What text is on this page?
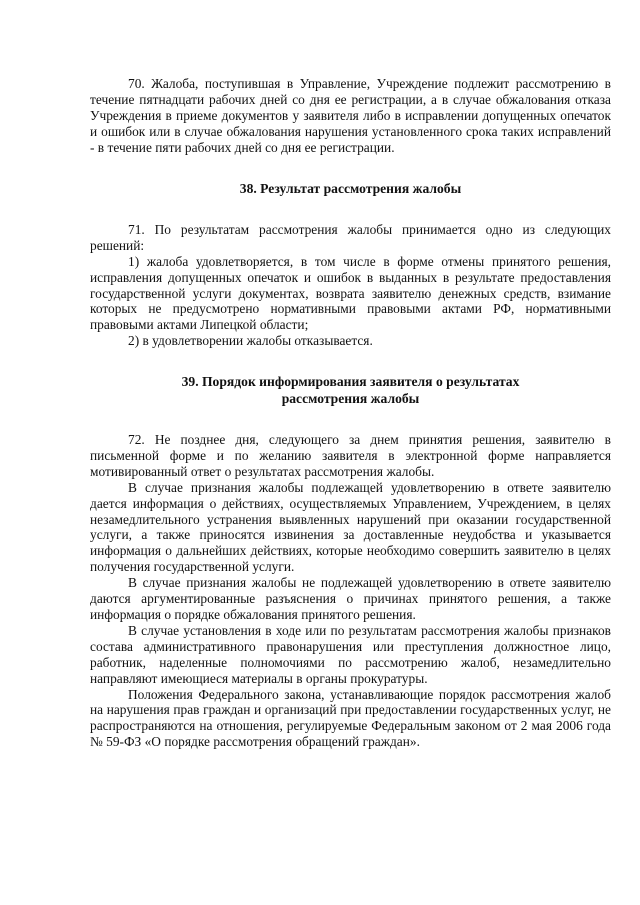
70. Жалоба, поступившая в Управление, Учреждение подлежит рассмотрению в течение пятнадцати рабочих дней со дня ее регистрации, а в случае обжалования отказа Учреждения в приеме документов у заявителя либо в исправлении допущенных опечаток и ошибок или в случае обжалования нарушения установленного срока таких исправлений - в течение пяти рабочих дней со дня ее регистрации.

38. Результат рассмотрения жалобы

71. По результатам рассмотрения жалобы принимается одно из следующих решений:

1) жалоба удовлетворяется, в том числе в форме отмены принятого решения, исправления допущенных опечаток и ошибок в выданных в результате предоставления государственной услуги документах, возврата заявителю денежных средств, взимание которых не предусмотрено нормативными правовыми актами РФ, нормативными правовыми актами Липецкой области;

2) в удовлетворении жалобы отказывается.

39. Порядок информирования заявителя о результатах
рассмотрения жалобы

72. Не позднее дня, следующего за днем принятия решения, заявителю в письменной форме и по желанию заявителя в электронной форме направляется мотивированный ответ о результатах рассмотрения жалобы.

В случае признания жалобы подлежащей удовлетворению в ответе заявителю дается информация о действиях, осуществляемых Управлением, Учреждением, в целях незамедлительного устранения выявленных нарушений при оказании государственной услуги, а также приносятся извинения за доставленные неудобства и указывается информация о дальнейших действиях, которые необходимо совершить заявителю в целях получения государственной услуги.

В случае признания жалобы не подлежащей удовлетворению в ответе заявителю даются аргументированные разъяснения о причинах принятого решения, а также информация о порядке обжалования принятого решения.

В случае установления в ходе или по результатам рассмотрения жалобы признаков состава административного правонарушения или преступления должностное лицо, работник, наделенные полномочиями по рассмотрению жалоб, незамедлительно направляют имеющиеся материалы в органы прокуратуры.

Положения Федерального закона, устанавливающие порядок рассмотрения жалоб на нарушения прав граждан и организаций при предоставлении государственных услуг, не распространяются на отношения, регулируемые Федеральным законом от 2 мая 2006 года № 59-ФЗ «О порядке рассмотрения обращений граждан».
